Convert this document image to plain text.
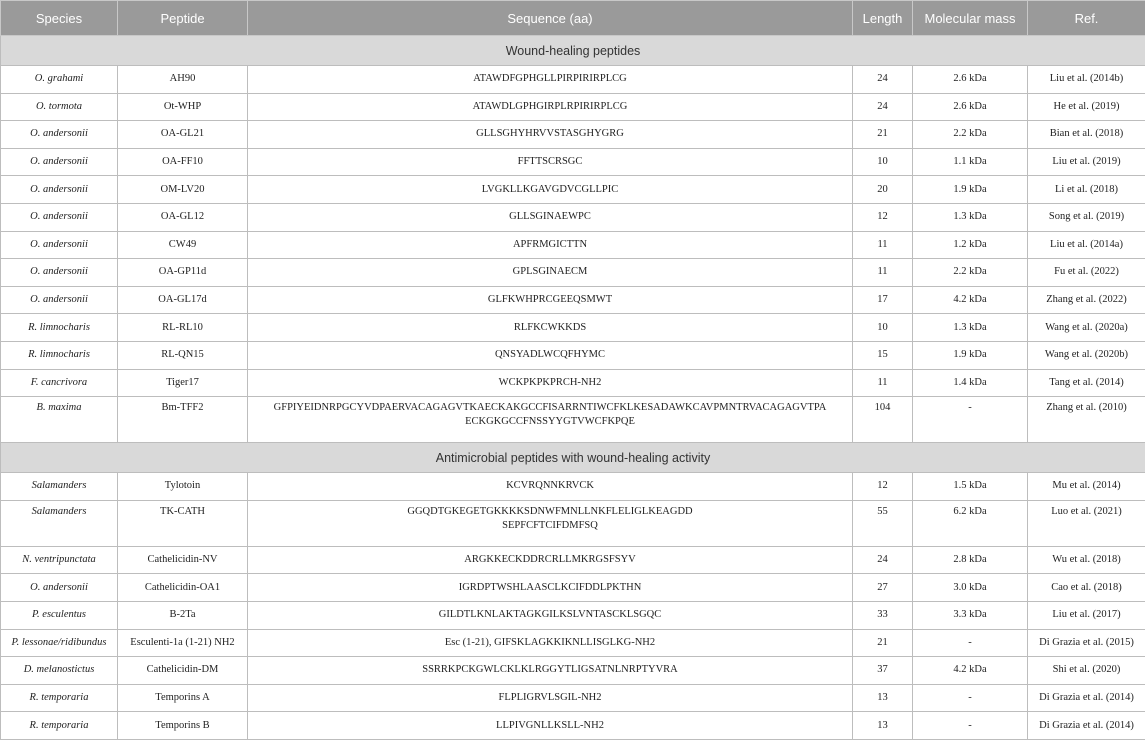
Species	Peptide	Sequence (aa)	Length	Molecular mass	Ref.
Wound-healing peptides					
O. grahami	AH90	ATAWDFGPHGLLPIRPIRIRPLCG	24	2.6 kDa	Liu et al. (2014b)
O. tormota	Ot-WHP	ATAWDLGPHGIRPLRPIRIRPLCG	24	2.6 kDa	He et al. (2019)
O. andersonii	OA-GL21	GLLSGHYHRVVSTASGHYGRG	21	2.2 kDa	Bian et al. (2018)
O. andersonii	OA-FF10	FFTTSCRSGC	10	1.1 kDa	Liu et al. (2019)
O. andersonii	OM-LV20	LVGKLLKGAVGDVCGLLPIC	20	1.9 kDa	Li et al. (2018)
O. andersonii	OA-GL12	GLLSGINAEWPC	12	1.3 kDa	Song et al. (2019)
O. andersonii	CW49	APFRMGICTTN	11	1.2 kDa	Liu et al. (2014a)
O. andersonii	OA-GP11d	GPLSGINAECM	11	2.2 kDa	Fu et al. (2022)
O. andersonii	OA-GL17d	GLFKWHPRCGEEQSMWT	17	4.2 kDa	Zhang et al. (2022)
R. limnocharis	RL-RL10	RLFKCWKKDS	10	1.3 kDa	Wang et al. (2020a)
R. limnocharis	RL-QN15	QNSYADLWCQFHYMC	15	1.9 kDa	Wang et al. (2020b)
F. cancrivora	Tiger17	WCKPKPKPRCH-NH2	11	1.4 kDa	Tang et al. (2014)
B. maxima	Bm-TFF2	GFPIYEIDNRPGCYVDPAERVACAGAGVTKAECKAKGCCFISARRNTIWCFKLKESADAWKCAVPMNTRVACAGAGVTPA
ECKGKGCCFNSSYYGTVWCFKPQE	104	-	Zhang et al. (2010)
Antimicrobial peptides with wound-healing activity					
Salamanders	Tylotoin	KCVRQNNKRVCK	12	1.5 kDa	Mu et al. (2014)
Salamanders	TK-CATH	GGQDTGKEGETGKKKKSDNWFMNLLNKFLELIGLKEAGDD
SEPFCFTCIFDMFSQ	55	6.2 kDa	Luo et al. (2021)
N. ventripunctata	Cathelicidin-NV	ARGKKECKDDRCRLLMKRGSFSYV	24	2.8 kDa	Wu et al. (2018)
O. andersonii	Cathelicidin-OA1	IGRDPTWSHLAASCLKCIFDDLPKTHN	27	3.0 kDa	Cao et al. (2018)
P. esculentus	B-2Ta	GILDTLKNLAKTAGKGILKSLVNTASCKLSGQC	33	3.3 kDa	Liu et al. (2017)
P. lessonae/ridibundus	Esculenti-1a (1-21) NH2	Esc (1-21), GIFSKLAGKKIKNLLISGLKG-NH2	21	-	Di Grazia et al. (2015)
D. melanostictus	Cathelicidin-DM	SSRRKPCKGWLCKLKLRGGYTLIGSATNLNRPTYVRA	37	4.2 kDa	Shi et al. (2020)
R. temporaria	Temporins A	FLPLIGRVLSGIL-NH2	13	-	Di Grazia et al. (2014)
R. temporaria	Temporins B	LLPIVGNLLKSLL-NH2	13	-	Di Grazia et al. (2014)
